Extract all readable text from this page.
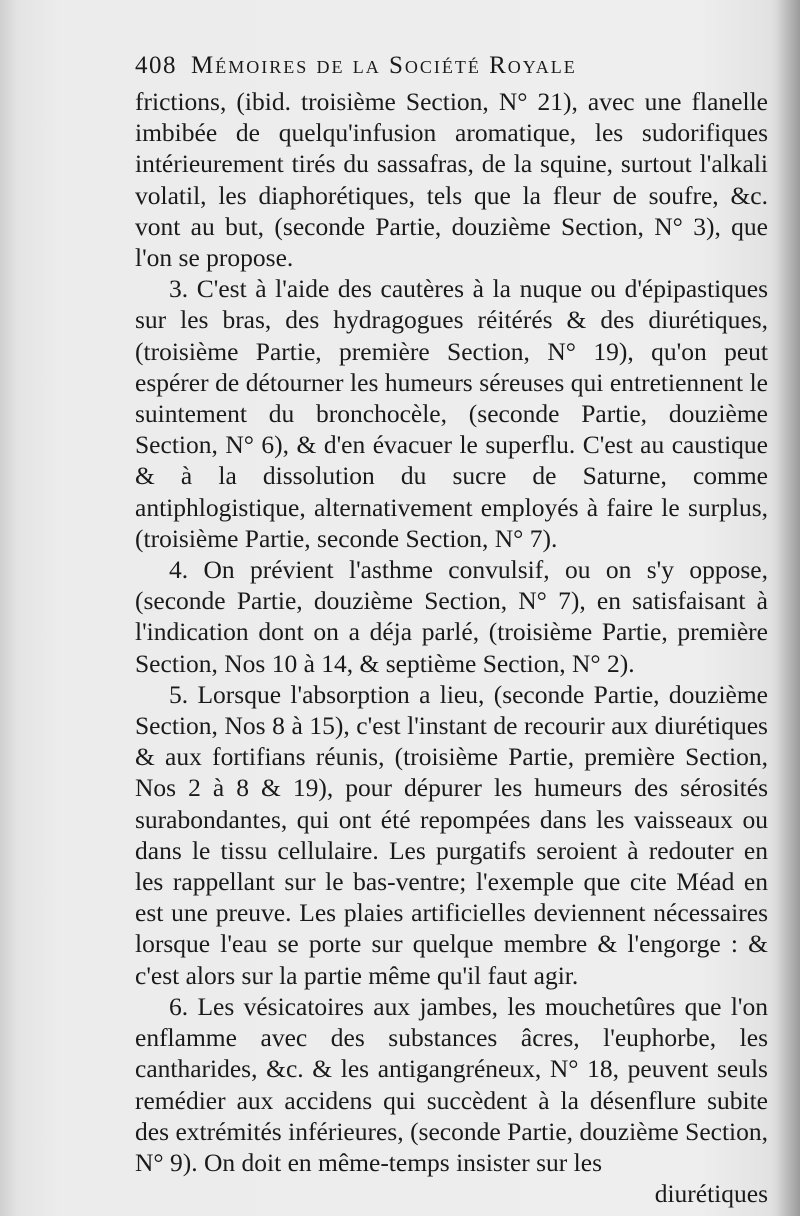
408 Mémoires de la Société Royale

frictions, (ibid. troisième Section, N° 21), avec une flanelle imbibée de quelqu'infusion aromatique, les sudorifiques intérieurement tirés du sassafras, de la squine, surtout l'alkali volatil, les diaphorétiques, tels que la fleur de soufre, &c. vont au but, (seconde Partie, douzième Section, N° 3), que l'on se propose.

3. C'est à l'aide des cautères à la nuque ou d'épipastiques sur les bras, des hydragogues réitérés & des diurétiques, (troisième Partie, première Section, N° 19), qu'on peut espérer de détourner les humeurs séreuses qui entretiennent le suintement du bronchocèle, (seconde Partie, douzième Section, N° 6), & d'en évacuer le superflu. C'est au caustique & à la dissolution du sucre de Saturne, comme antiphlogistique, alternativement employés à faire le surplus, (troisième Partie, seconde Section, N° 7).

4. On prévient l'asthme convulsif, ou on s'y oppose, (seconde Partie, douzième Section, N° 7), en satisfaisant à l'indication dont on a déja parlé, (troisième Partie, première Section, Nos 10 à 14, & septième Section, N° 2).

5. Lorsque l'absorption a lieu, (seconde Partie, douzième Section, Nos 8 à 15), c'est l'instant de recourir aux diurétiques & aux fortifians réunis, (troisième Partie, première Section, Nos 2 à 8 & 19), pour dépurer les humeurs des sérosités surabondantes, qui ont été repompées dans les vaisseaux ou dans le tissu cellulaire. Les purgatifs seroient à redouter en les rappellant sur le bas-ventre; l'exemple que cite Méad en est une preuve. Les plaies artificielles deviennent nécessaires lorsque l'eau se porte sur quelque membre & l'engorge : & c'est alors sur la partie même qu'il faut agir.

6. Les vésicatoires aux jambes, les mouchetûres que l'on enflamme avec des substances âcres, l'euphorbe, les cantharides, &c. & les antigangréneux, N° 18, peuvent seuls remédier aux accidens qui succèdent à la désenflure subite des extrémités inférieures, (seconde Partie, douzième Section, N° 9). On doit en même-temps insister sur les

diurétiques
